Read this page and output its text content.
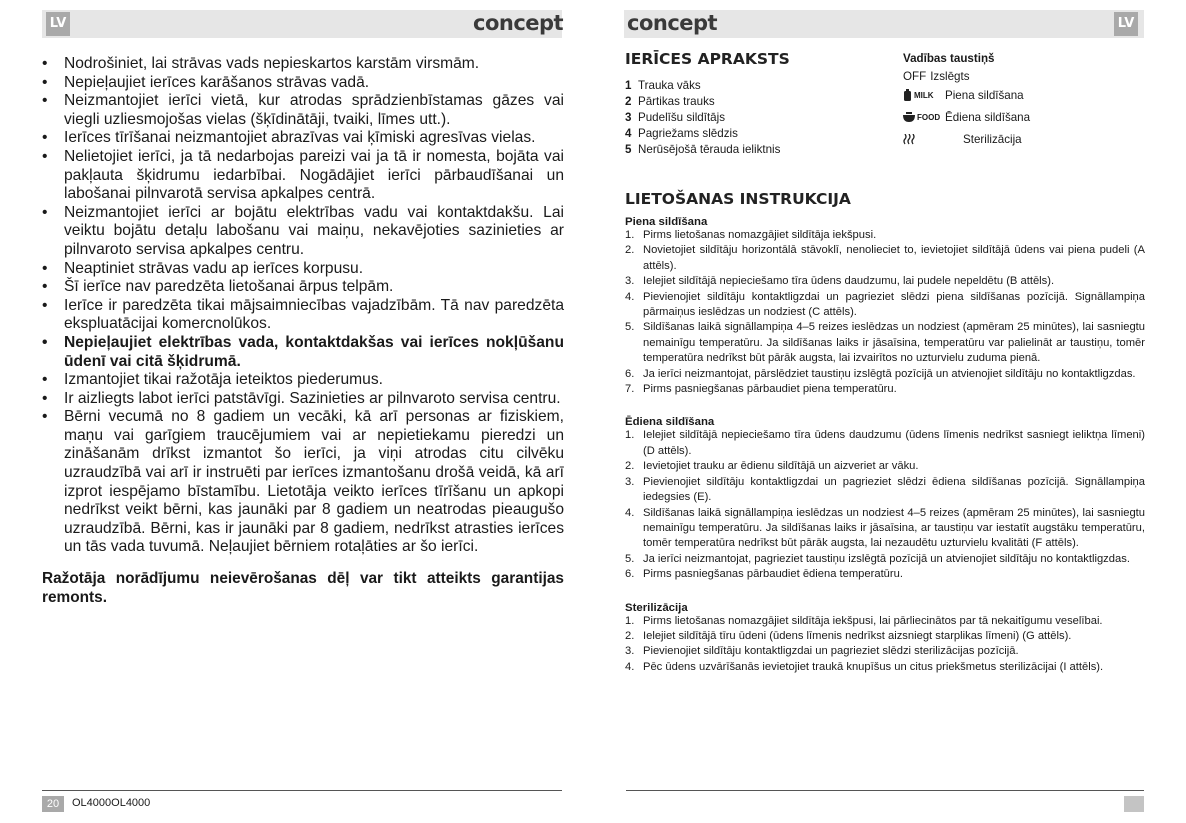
LV	LV
concept	concept
• Nodrošiniet, lai strāvas vads nepieskartos karstām virsmām.
• Nepieļaujiet ierīces karāšanos strāvas vadā.
• Neizmantojiet ierīci vietā, kur atrodas sprādzienbīstamas gāzes vai viegli uzliesmojošas vielas (šķīdinātāji, tvaiki, līmes utt.).
• Ierīces tīrīšanai neizmantojiet abrazīvas vai ķīmiski agresīvas vielas.
• Nelietojiet ierīci, ja tā nedarbojas pareizi vai ja tā ir nomesta, bojāta vai pakļauta šķidrumu iedarbībai. Nogādājiet ierīci pārbaudīšanai un labošanai pilnvarotā servisa apkalpes centrā.
• Neizmantojiet ierīci ar bojātu elektrības vadu vai kontaktdakšu. Lai veiktu bojātu detaļu labošanu vai maiņu, nekavējoties sazinieties ar pilnvaroto servisa apkalpes centru.
• Neaptiniet strāvas vadu ap ierīces korpusu.
• Šī ierīce nav paredzēta lietošanai ārpus telpām.
• Ierīce ir paredzēta tikai mājsaimniecības vajadzībām. Tā nav paredzēta ekspluatācijai komercnolūkos.
• Nepieļaujiet elektrības vada, kontaktdakšas vai ierīces nokļūšanu ūdenī vai citā šķidrumā.
• Izmantojiet tikai ražotāja ieteiktos piederumus.
• Ir aizliegts labot ierīci patstāvīgi. Sazinieties ar pilnvaroto servisa centru.
• Bērni vecumā no 8 gadiem un vecāki, kā arī personas ar fiziskiem, maņu vai garīgiem traucējumiem vai ar nepietiekamu pieredzi un zināšanām drīkst izmantot šo ierīci, ja viņi atrodas citu cilvēku uzraudzībā vai arī ir instruēti par ierīces izmantošanu drošā veidā, kā arī izprot iespējamo bīstamību. Lietotāja veikto ierīces tīrīšanu un apkopi nedrīkst veikt bērni, kas jaunāki par 8 gadiem un neatrodas pieaugušo uzraudzībā. Bērni, kas ir jaunāki par 8 gadiem, nedrīkst atrasties ierīces un tās vada tuvumā. Neļaujiet bērniem rotaļāties ar šo ierīci.

Ražotāja norādījumu neievērošanas dēļ var tikt atteikts garantijas remonts.

IERĪCES APRAKSTS
1 Trauka vāks
2 Pārtikas trauks
3 Pudelīšu sildītājs
4 Pagriežams slēdzis
5 Nerūsējošā tērauda ieliktnis
Vadības taustiņš
OFF Izslēgts
MILK Piena sildīšana
FOOD Ēdiena sildīšana
Sterilizācija
LIETOŠANAS INSTRUKCIJA
Piena sildīšana
1. Pirms lietošanas nomazgājiet sildītāja iekšpusi.
2. Novietojiet sildītāju horizontālā stāvoklī, nenolieciet to, ievietojiet sildītājā ūdens vai piena pudeli (A attēls).
3. Ielejiet sildītājā nepieciešamo tīra ūdens daudzumu, lai pudele nepeldētu (B attēls).
4. Pievienojiet sildītāju kontaktligzdai un pagrieziet slēdzi piena sildīšanas pozīcijā. Signāllampiņa pārmaiņus ieslēdzas un nodziest (C attēls).
5. Sildīšanas laikā signāllampiņa 4–5 reizes ieslēdzas un nodziest (apmēram 25 minūtes), lai sasniegtu nemainīgu temperatūru. Ja sildīšanas laiks ir jāsaīsina, temperatūru var palielināt ar taustiņu, tomēr temperatūra nedrīkst būt pārāk augsta, lai izvairītos no uzturvielu zuduma pienā.
6. Ja ierīci neizmantojat, pārslēdziet taustiņu izslēgtā pozīcijā un atvienojiet sildītāju no kontaktligzdas.
7. Pirms pasniegšanas pārbaudiet piena temperatūru.
Ēdiena sildīšana
1. Ielejiet sildītājā nepieciešamo tīra ūdens daudzumu (ūdens līmenis nedrīkst sasniegt ieliktņa līmeni) (D attēls).
2. Ievietojiet trauku ar ēdienu sildītājā un aizveriet ar vāku.
3. Pievienojiet sildītāju kontaktligzdai un pagrieziet slēdzi ēdiena sildīšanas pozīcijā. Signāllampiņa iedegsies (E).
4. Sildīšanas laikā signāllampiņa ieslēdzas un nodziest 4–5 reizes (apmēram 25 minūtes), lai sasniegtu nemainīgu temperatūru. Ja sildīšanas laiks ir jāsaīsina, ar taustiņu var iestatīt augstāku temperatūru, tomēr temperatūra nedrīkst būt pārāk augsta, lai nezaudētu uzturvielu kvalitāti (F attēls).
5. Ja ierīci neizmantojat, pagrieziet taustiņu izslēgtā pozīcijā un atvienojiet sildītāju no kontaktligzdas.
6. Pirms pasniegšanas pārbaudiet ēdiena temperatūru.
Sterilizācija
1. Pirms lietošanas nomazgājiet sildītāja iekšpusi, lai pārliecinātos par tā nekaitīgumu veselībai.
2. Ielejiet sildītājā tīru ūdeni (ūdens līmenis nedrīkst aizsniegt starplikas līmeni) (G attēls).
3. Pievienojiet sildītāju kontaktligzdai un pagrieziet slēdzi sterilizācijas pozīcijā.
4. Pēc ūdens uzvārīšanās ievietojiet traukā knupīšus un citus priekšmetus sterilizācijai (I attēls).
20	OL4000OL4000
